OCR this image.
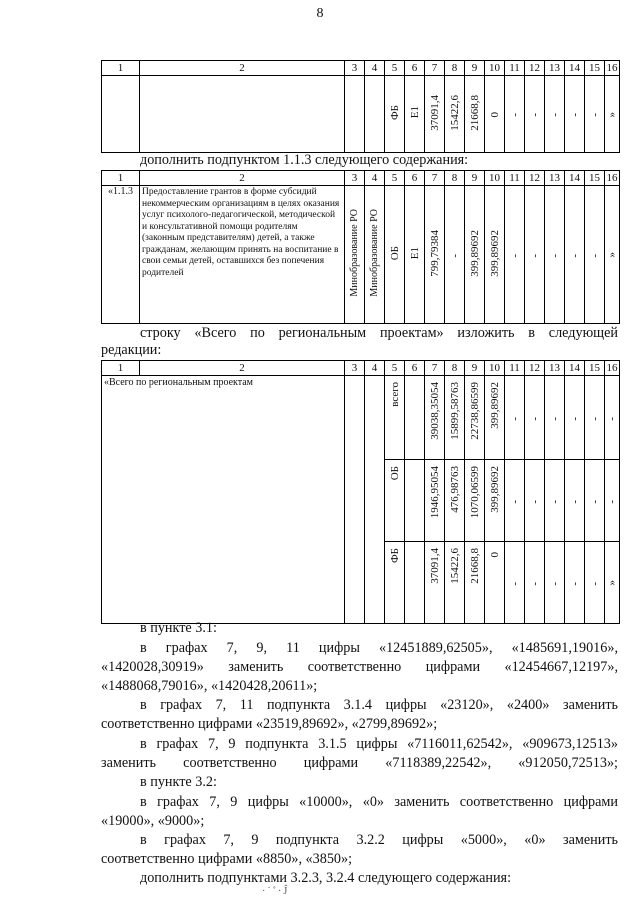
8
1	2	3	4	5	6	7	8	9	10	11	12	13	14	15	16
				ФБ	Е1	37091,4	15422,6	21668,8	0	-	-	-	-	-	»
дополнить подпунктом 1.1.3 следующего содержания:
1	2	3	4	5	6	7	8	9	10	11	12	13	14	15	16
«1.1.3	Предоставление грантов в форме субсидий некоммерческим организациям в целях оказания услуг психолого-педагогической, методической и консультативной помощи родителям (законным представителям) детей, а также гражданам, желающим принять на воспитание в свои семьи детей, оставшихся без попечения родителей	Минобразование РО	Минобразование РО	ОБ	Е1	799,79384	-	399,89692	399,89692	-	-	-	-	-	»
строку «Всего по региональным проектам» изложить в следующей
редакции:
1	2	3	4	5	6	7	8	9	10	11	12	13	14	15	16
«Всего по региональным проектам				всего		39038,35054	15899,58763	22738,86599	399,89692	-	-	-	-	-	-
				ОБ		1946,95054	476,98763	1070,06599	399,89692	-	-	-	-	-	-
				ФБ		37091,4	15422,6	21668,8	0	-	-	-	-	-	»
в пункте 3.1:
в графах 7, 9, 11 цифры «12451889,62505», «1485691,19016»,
«1420028,30919» заменить соответственно цифрами «12454667,12197»,
«1488068,79016», «1420428,20611»;
в графах 7, 11 подпункта 3.1.4 цифры «23120», «2400» заменить
соответственно цифрами «23519,89692», «2799,89692»;
в графах 7, 9 подпункта 3.1.5 цифры «7116011,62542», «909673,12513»
заменить соответственно цифрами «7118389,22542», «912050,72513»;
в пункте 3.2:
в графах 7, 9 цифры «10000», «0» заменить соответственно цифрами
«19000», «9000»;
в графах 7, 9 подпункта 3.2.2 цифры «5000», «0» заменить
соответственно цифрами «8850», «3850»;
дополнить подпунктами 3.2.3, 3.2.4 следующего содержания:
·˙˚·Ĵ
